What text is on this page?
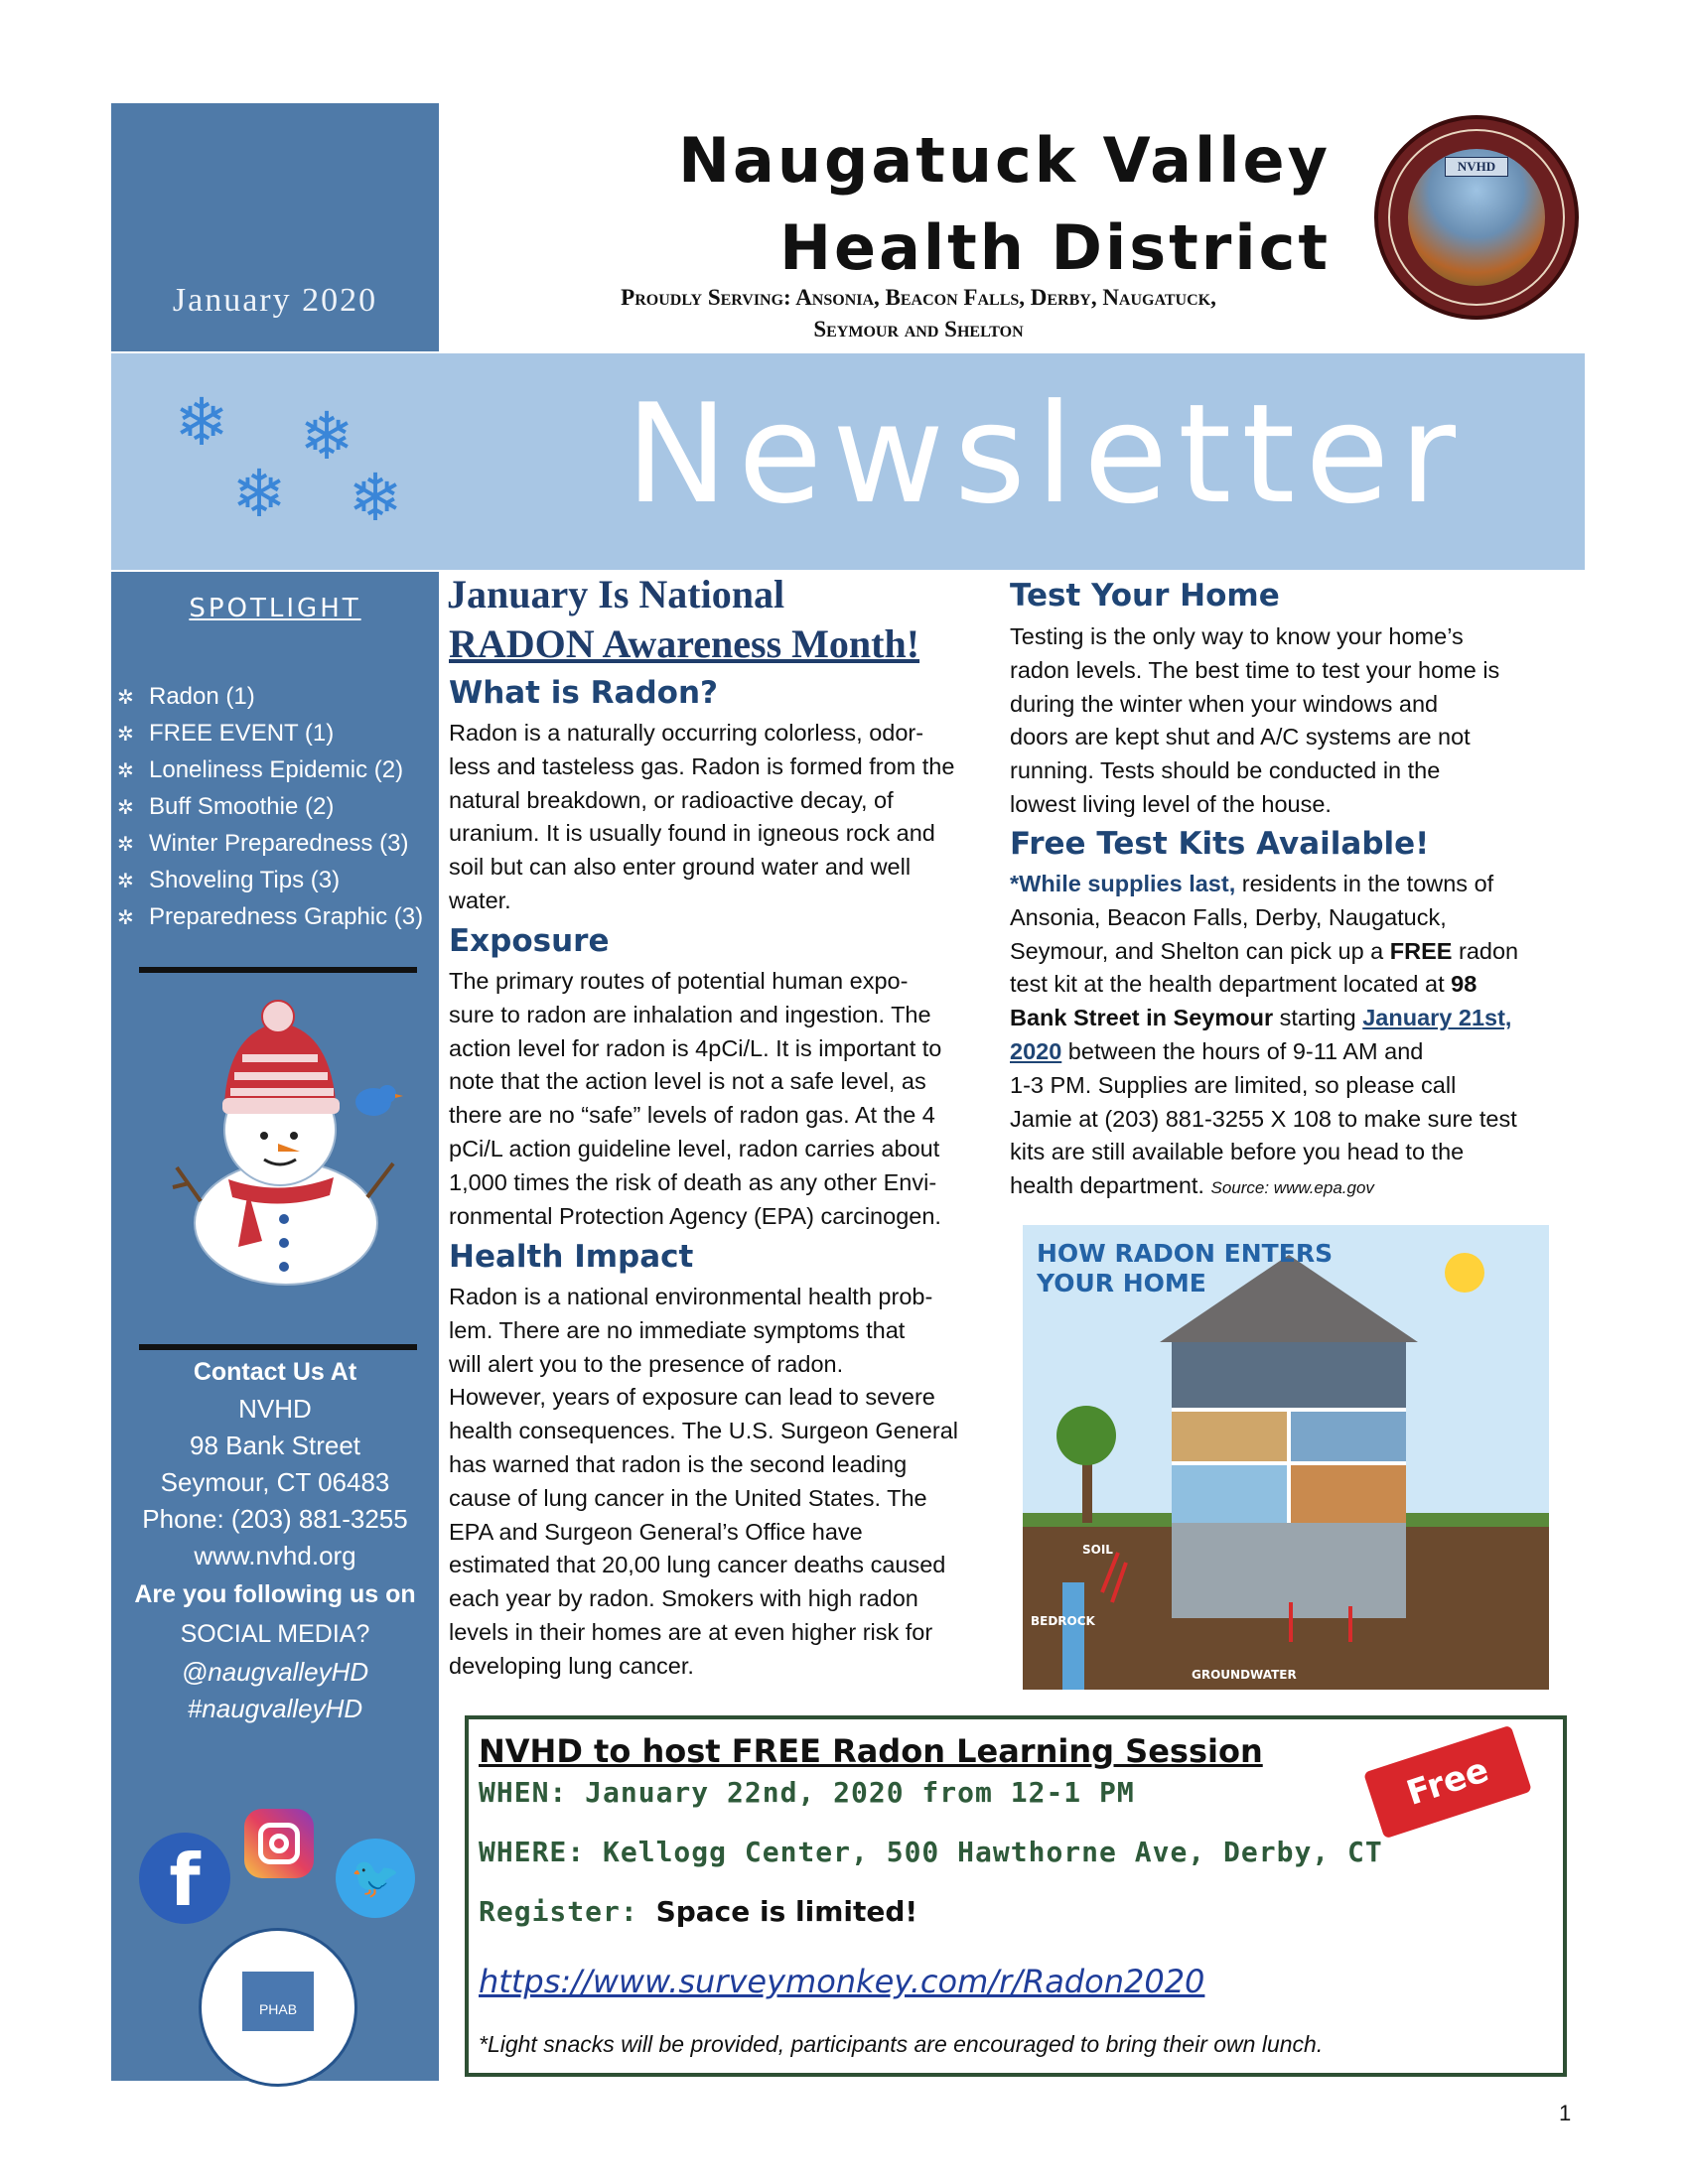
January 2020
Naugatuck Valley
Health District
Proudly Serving: Ansonia, Beacon Falls, Derby, Naugatuck,
Seymour and Shelton
NVHD
❄ ❄
❄ ❄ Newsletter
SPOTLIGHT
✲ Radon (1)
✲ FREE EVENT (1)
✲ Loneliness Epidemic (2)
✲ Buff Smoothie (2)
✲ Winter Preparedness (3)
✲ Shoveling Tips (3)
✲ Preparedness Graphic (3)
Contact Us At
NVHD
98 Bank Street
Seymour, CT 06483
Phone: (203) 881-3255
www.nvhd.org
Are you following us on
SOCIAL MEDIA?
@naugvalleyHD
#naugvalleyHD
f	🐦
PHAB
January Is National
RADON Awareness Month!
What is Radon?
Radon is a naturally occurring colorless, odor-
less and tasteless gas. Radon is formed from the
natural breakdown, or radioactive decay, of
uranium. It is usually found in igneous rock and
soil but can also enter ground water and well
water.
Exposure
The primary routes of potential human expo-
sure to radon are inhalation and ingestion. The
action level for radon is 4pCi/L. It is important to
note that the action level is not a safe level, as
there are no “safe” levels of radon gas. At the 4
pCi/L action guideline level, radon carries about
1,000 times the risk of death as any other Envi-
ronmental Protection Agency (EPA) carcinogen.
Health Impact
Radon is a national environmental health prob-
lem. There are no immediate symptoms that
will alert you to the presence of radon.
However, years of exposure can lead to severe
health consequences. The U.S. Surgeon General
has warned that radon is the second leading
cause of lung cancer in the United States. The
EPA and Surgeon General’s Office have
estimated that 20,00 lung cancer deaths caused
each year by radon. Smokers with high radon
levels in their homes are at even higher risk for
developing lung cancer.
Test Your Home
Testing is the only way to know your home’s
radon levels. The best time to test your home is
during the winter when your windows and
doors are kept shut and A/C systems are not
running. Tests should be conducted in the
lowest living level of the house.
Free Test Kits Available!
*While supplies last, residents in the towns of
Ansonia, Beacon Falls, Derby, Naugatuck,
Seymour, and Shelton can pick up a FREE radon
test kit at the health department located at 98
Bank Street in Seymour starting January 21st,
2020 between the hours of 9-11 AM and
1-3 PM. Supplies are limited, so please call
Jamie at (203) 881-3255 X 108 to make sure test
kits are still available before you head to the
health department. Source: www.epa.gov
HOW RADON ENTERS YOUR HOME
SOIL
BEDROCK
GROUNDWATER
NVHD to host FREE Radon Learning Session
WHEN: January 22nd, 2020 from 12-1 PM
WHERE: Kellogg Center, 500 Hawthorne Ave, Derby, CT
Register: Space is limited!
https://www.surveymonkey.com/r/Radon2020
*Light snacks will be provided, participants are encouraged to bring their own lunch.
Free
1
